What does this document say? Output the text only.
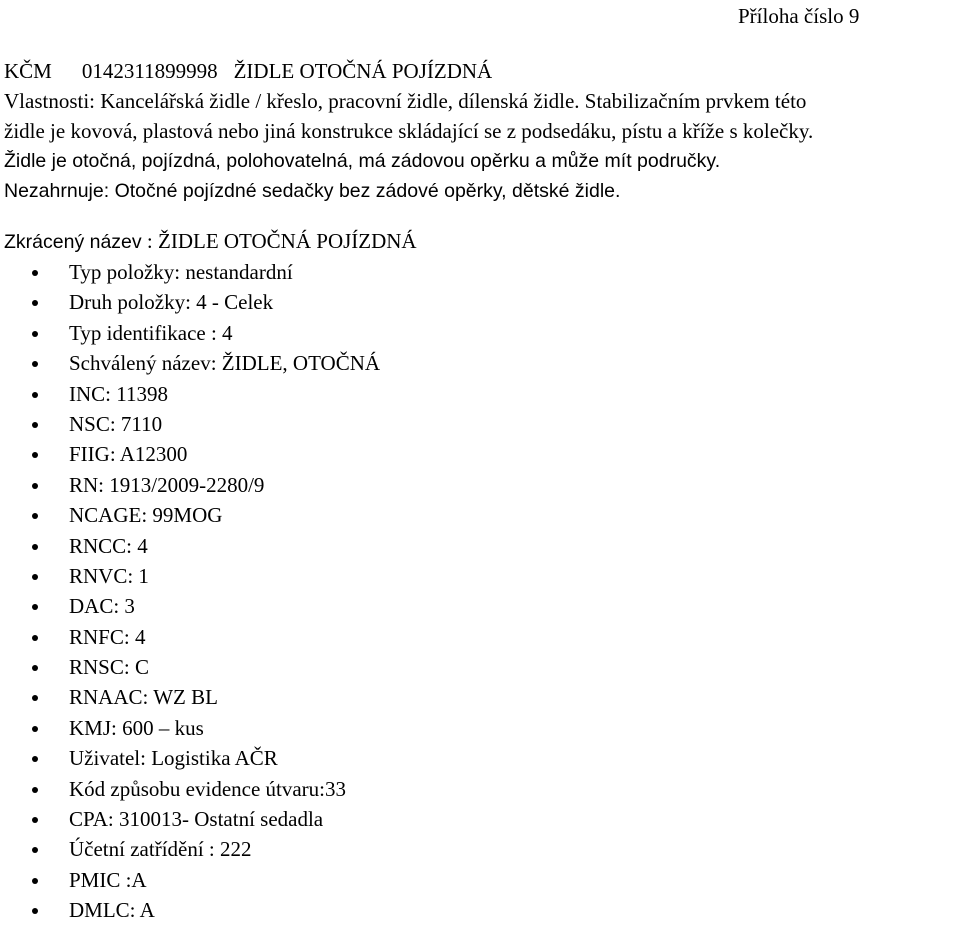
Příloha číslo 9
KČM 0142311899998 ŽIDLE OTOČNÁ POJÍZDNÁ
Vlastnosti: Kancelářská židle / křeslo, pracovní židle, dílenská židle. Stabilizačním prvkem této
židle je kovová, plastová nebo jiná konstrukce skládající se z podsedáku, pístu a kříže s kolečky.
Židle je otočná, pojízdná, polohovatelná, má zádovou opěrku a může mít područky.
Nezahrnuje: Otočné pojízdné sedačky bez zádové opěrky, dětské židle.
Zkrácený název : ŽIDLE OTOČNÁ POJÍZDNÁ
Typ položky: nestandardní
Druh položky: 4 - Celek
Typ identifikace : 4
Schválený název: ŽIDLE, OTOČNÁ
INC: 11398
NSC: 7110
FIIG: A12300
RN: 1913/2009-2280/9
NCAGE: 99MOG
RNCC: 4
RNVC: 1
DAC: 3
RNFC: 4
RNSC: C
RNAAC: WZ BL
KMJ: 600 – kus
Uživatel: Logistika AČR
Kód způsobu evidence útvaru:33
CPA: 310013- Ostatní sedadla
Účetní zatřídění : 222
PMIC :A
DMLC: A
